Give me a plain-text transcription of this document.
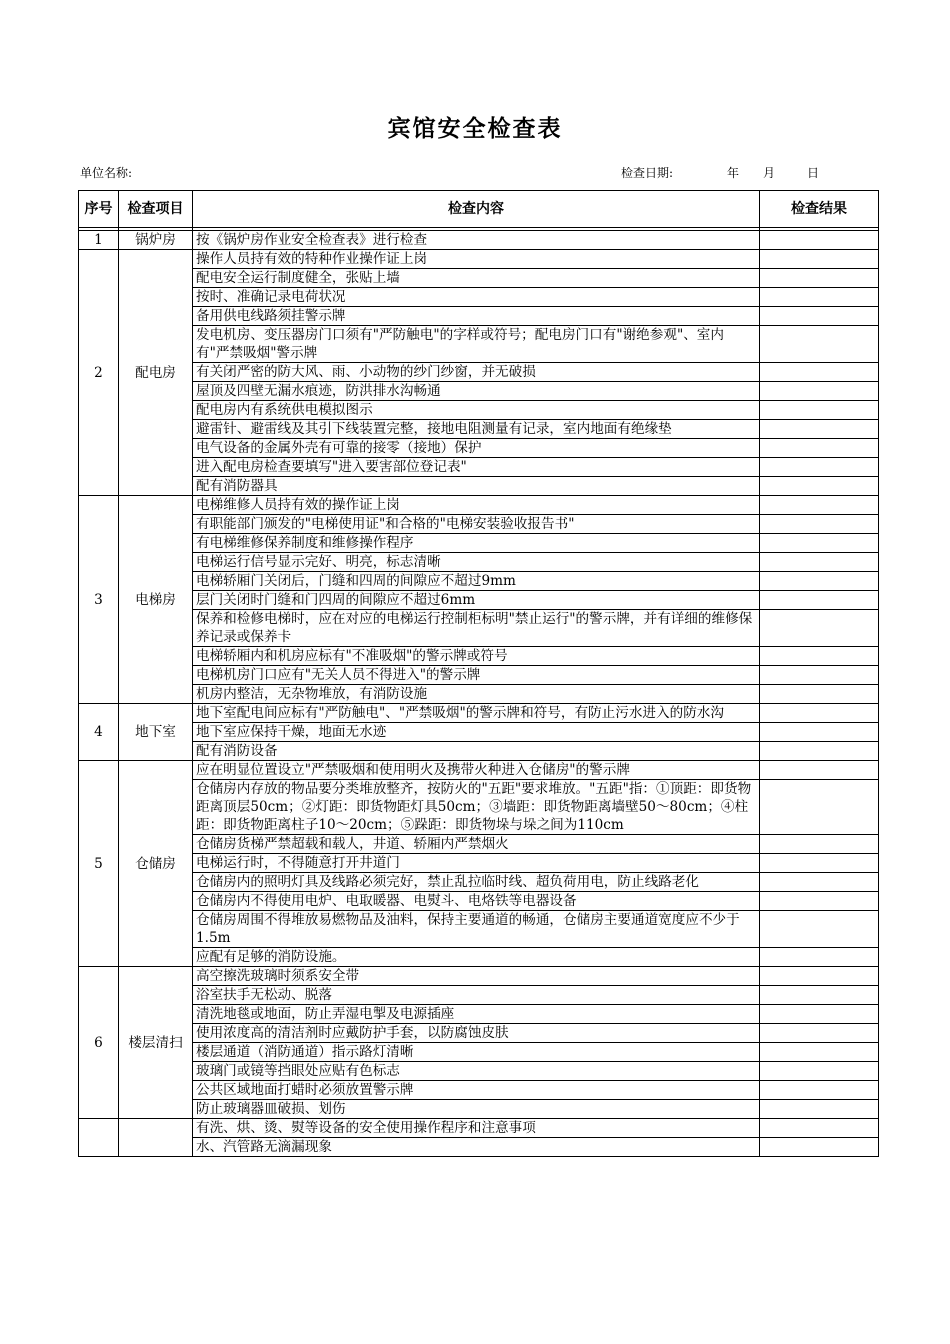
宾馆安全检查表
单位名称:	检查日期:	年 月	日
序号	检查项目	检查内容	检查结果

1	锅炉房	按《锅炉房作业安全检查表》进行检查	
2	配电房	操作人员持有效的特种作业操作证上岗	
		配电安全运行制度健全，张贴上墙	
		按时、准确记录电荷状况	
		备用供电线路须挂警示牌	
		发电机房、变压器房门口须有"严防触电"的字样或符号；配电房门口有"谢绝参观"、室内有"严禁吸烟"警示牌	
		有关闭严密的防大风、雨、小动物的纱门纱窗，并无破损	
		屋顶及四壁无漏水痕迹，防洪排水沟畅通	
		配电房内有系统供电模拟图示	
		避雷针、避雷线及其引下线装置完整，接地电阻测量有记录，室内地面有绝缘垫	
		电气设备的金属外壳有可靠的接零（接地）保护	
		进入配电房检查要填写"进入要害部位登记表"	
		配有消防器具	
3	电梯房	电梯维修人员持有效的操作证上岗	
		有职能部门颁发的"电梯使用证"和合格的"电梯安装验收报告书"	
		有电梯维修保养制度和维修操作程序	
		电梯运行信号显示完好、明亮，标志清晰	
		电梯轿厢门关闭后，门缝和四周的间隙应不超过9mm	
		层门关闭时门缝和门四周的间隙应不超过6mm	
		保养和检修电梯时，应在对应的电梯运行控制柜标明"禁止运行"的警示牌，并有详细的维修保养记录或保养卡	
		电梯轿厢内和机房应标有"不准吸烟"的警示牌或符号	
		电梯机房门口应有"无关人员不得进入"的警示牌	
		机房内整洁，无杂物堆放，有消防设施	
4	地下室	地下室配电间应标有"严防触电"、"严禁吸烟"的警示牌和符号，有防止污水进入的防水沟	
		地下室应保持干燥，地面无水迹	
		配有消防设备	
5	仓储房	应在明显位置设立"严禁吸烟和使用明火及携带火种进入仓储房"的警示牌	
		仓储房内存放的物品要分类堆放整齐，按防火的"五距"要求堆放。"五距"指：①顶距：即货物距离顶层50cm；②灯距：即货物距灯具50cm；③墙距：即货物距离墙壁50～80cm；④柱距：即货物距离柱子10～20cm；⑤跺距：即货物垛与垛之间为110cm	
		仓储房货梯严禁超载和载人，井道、轿厢内严禁烟火	
		电梯运行时，不得随意打开井道门	
		仓储房内的照明灯具及线路必须完好，禁止乱拉临时线、超负荷用电，防止线路老化	
		仓储房内不得使用电炉、电取暖器、电熨斗、电烙铁等电器设备	
		仓储房周围不得堆放易燃物品及油料，保持主要通道的畅通，仓储房主要通道宽度应不少于1.5m	
		应配有足够的消防设施。	
6	楼层清扫	高空擦洗玻璃时须系安全带	
		浴室扶手无松动、脱落	
		清洗地毯或地面，防止弄湿电掣及电源插座	
		使用浓度高的清洁剂时应戴防护手套，以防腐蚀皮肤	
		楼层通道（消防通道）指示路灯清晰	
		玻璃门或镜等挡眼处应贴有色标志	
		公共区域地面打蜡时必须放置警示牌	
		防止玻璃器皿破损、划伤	
		有洗、烘、烫、熨等设备的安全使用操作程序和注意事项	
		水、汽管路无滴漏现象	
